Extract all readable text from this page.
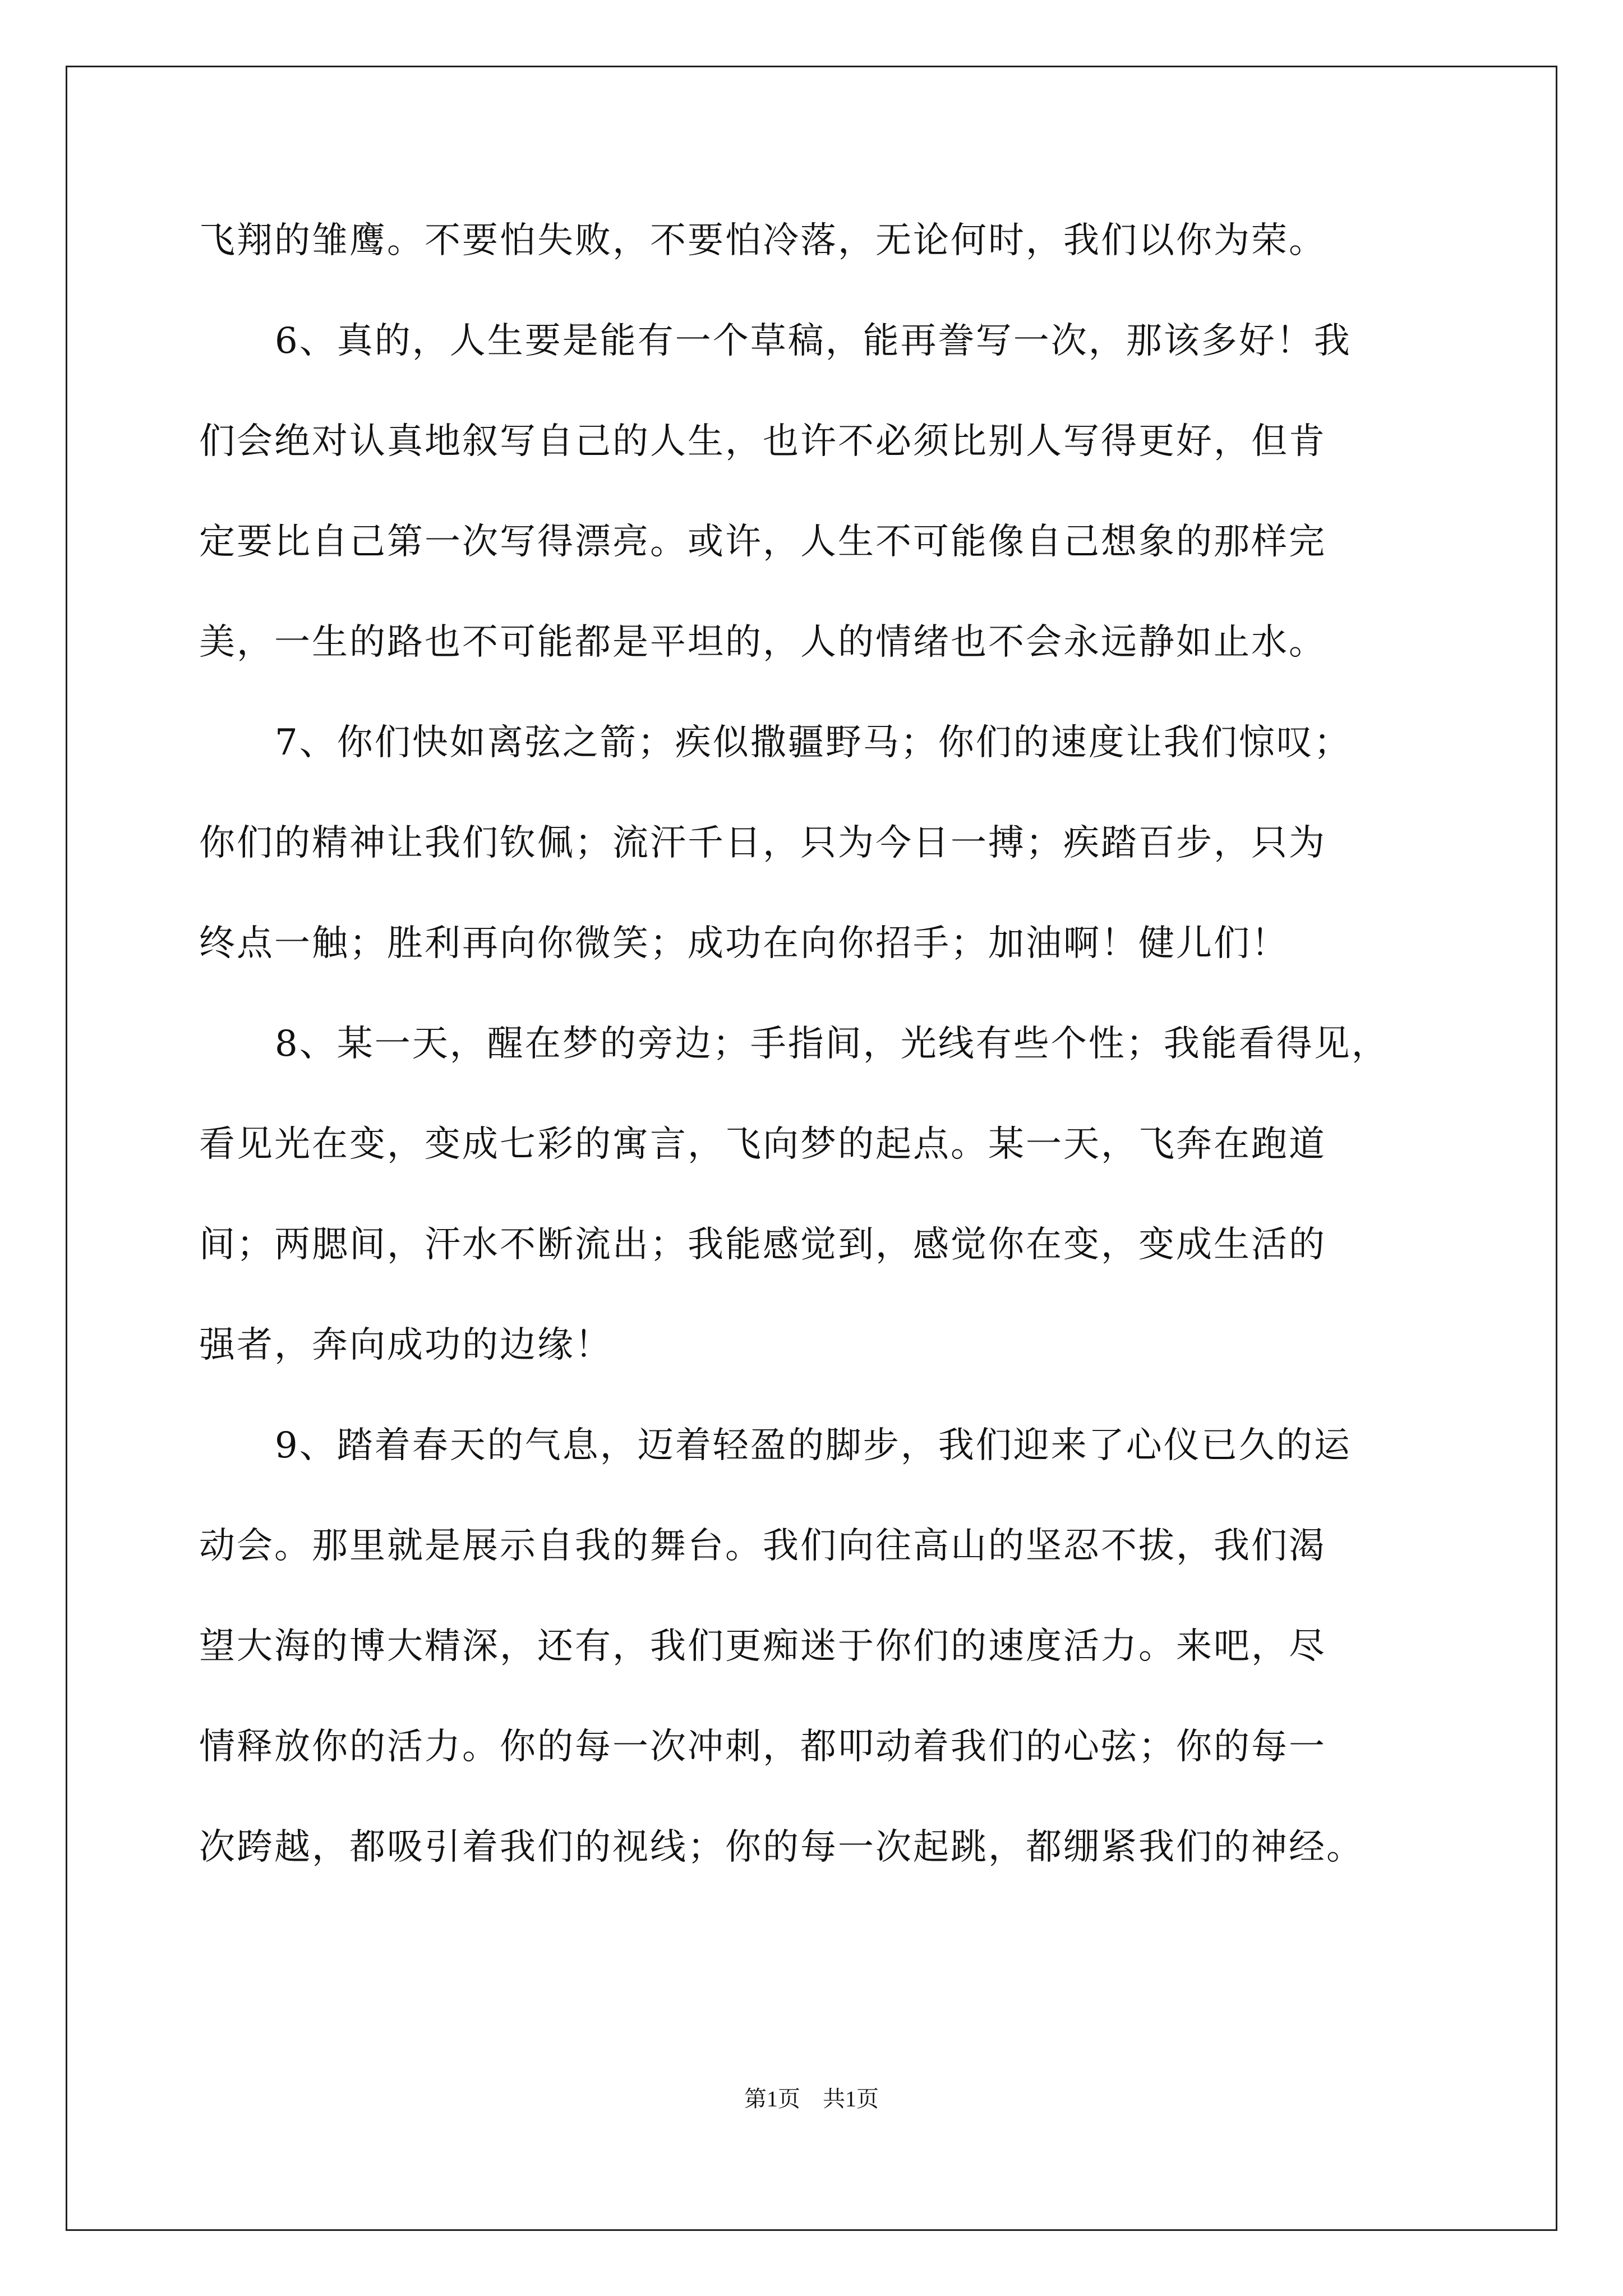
飞翔的雏鹰。不要怕失败，不要怕冷落，无论何时，我们以你为荣。
6、真的，人生要是能有一个草稿，能再誊写一次，那该多好！我
们会绝对认真地叙写自己的人生，也许不必须比别人写得更好，但肯
定要比自己第一次写得漂亮。或许，人生不可能像自己想象的那样完
美，一生的路也不可能都是平坦的，人的情绪也不会永远静如止水。
7、你们快如离弦之箭；疾似撒疆野马；你们的速度让我们惊叹；
你们的精神让我们钦佩；流汗千日，只为今日一搏；疾踏百步，只为
终点一触；胜利再向你微笑；成功在向你招手；加油啊！健儿们！
8、某一天，醒在梦的旁边；手指间，光线有些个性；我能看得见，
看见光在变，变成七彩的寓言，飞向梦的起点。某一天，飞奔在跑道
间；两腮间，汗水不断流出；我能感觉到，感觉你在变，变成生活的
强者，奔向成功的边缘！
9、踏着春天的气息，迈着轻盈的脚步，我们迎来了心仪已久的运
动会。那里就是展示自我的舞台。我们向往高山的坚忍不拔，我们渴
望大海的博大精深，还有，我们更痴迷于你们的速度活力。来吧，尽
情释放你的活力。你的每一次冲刺，都叩动着我们的心弦；你的每一
次跨越，都吸引着我们的视线；你的每一次起跳，都绷紧我们的神经。
第1页 共1页
